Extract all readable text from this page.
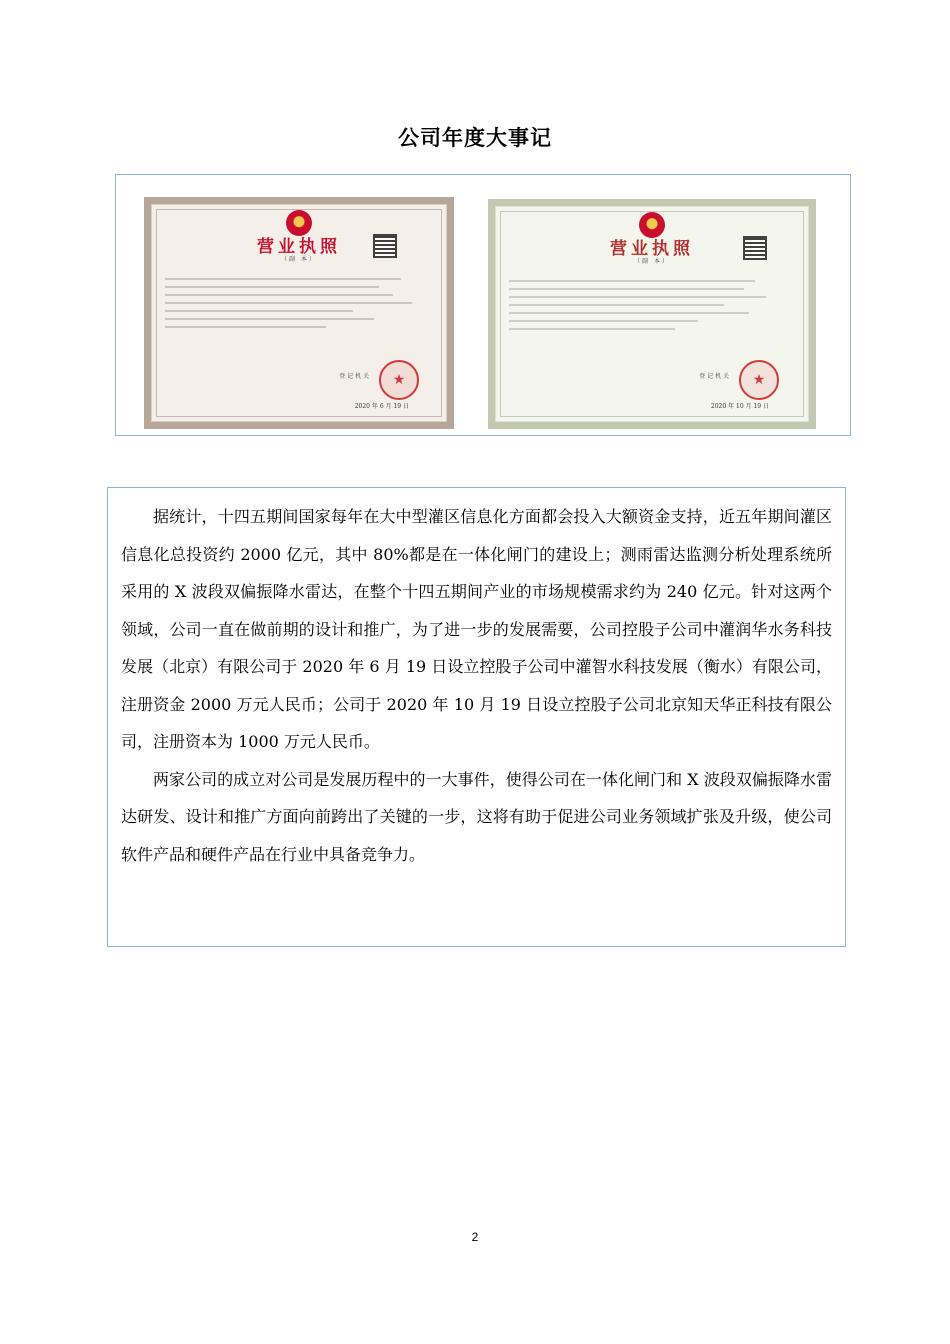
公司年度大事记
营业执照
（副 本）
登 记 机 关
★
2020 年 6 月 19 日
营业执照
（副 本）
登 记 机 关
★
2020 年 10 月 19 日

据统计，十四五期间国家每年在大中型灌区信息化方面都会投入大额资金支持，近五年期间灌区信息化总投资约 2000 亿元，其中 80%都是在一体化闸门的建设上；测雨雷达监测分析处理系统所采用的 X 波段双偏振降水雷达，在整个十四五期间产业的市场规模需求约为 240 亿元。针对这两个领域，公司一直在做前期的设计和推广，为了进一步的发展需要，公司控股子公司中灌润华水务科技发展（北京）有限公司于 2020 年 6 月 19 日设立控股子公司中灌智水科技发展（衡水）有限公司，注册资金 2000 万元人民币；公司于 2020 年 10 月 19 日设立控股子公司北京知天华正科技有限公司，注册资本为 1000 万元人民币。

两家公司的成立对公司是发展历程中的一大事件，使得公司在一体化闸门和 X 波段双偏振降水雷达研发、设计和推广方面向前跨出了关键的一步，这将有助于促进公司业务领域扩张及升级，使公司软件产品和硬件产品在行业中具备竞争力。

2
